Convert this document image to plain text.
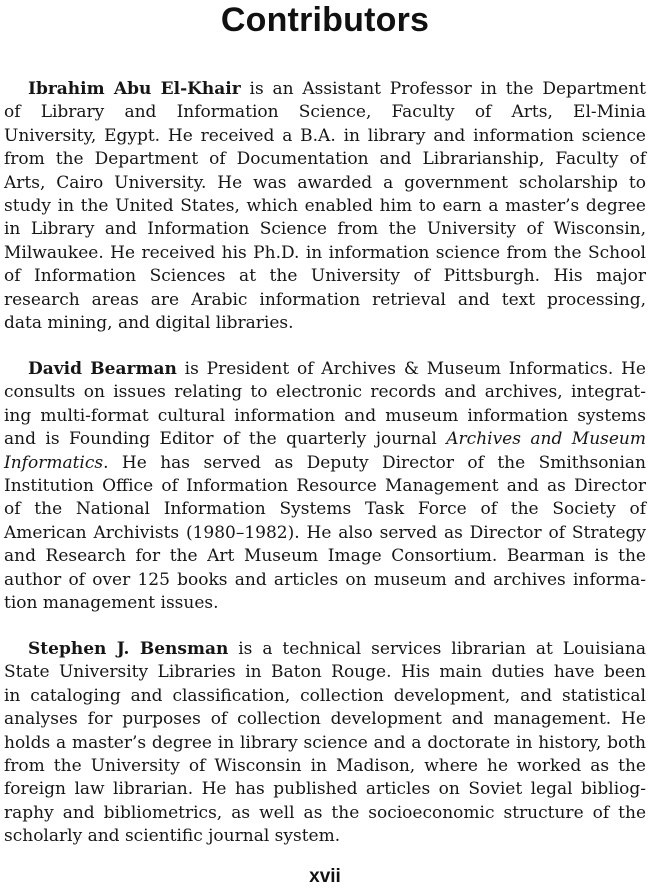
Contributors
Ibrahim Abu El-Khair is an Assistant Professor in the Department
of Library and Information Science, Faculty of Arts, El-Minia
University, Egypt. He received a B.A. in library and information science
from the Department of Documentation and Librarianship, Faculty of
Arts, Cairo University. He was awarded a government scholarship to
study in the United States, which enabled him to earn a master’s degree
in Library and Information Science from the University of Wisconsin,
Milwaukee. He received his Ph.D. in information science from the School
of Information Sciences at the University of Pittsburgh. His major
research areas are Arabic information retrieval and text processing,
data mining, and digital libraries.
David Bearman is President of Archives & Museum Informatics. He
consults on issues relating to electronic records and archives, integrat-
ing multi-format cultural information and museum information systems
and is Founding Editor of the quarterly journal Archives and Museum
Informatics. He has served as Deputy Director of the Smithsonian
Institution Office of Information Resource Management and as Director
of the National Information Systems Task Force of the Society of
American Archivists (1980–1982). He also served as Director of Strategy
and Research for the Art Museum Image Consortium. Bearman is the
author of over 125 books and articles on museum and archives informa-
tion management issues.
Stephen J. Bensman is a technical services librarian at Louisiana
State University Libraries in Baton Rouge. His main duties have been
in cataloging and classification, collection development, and statistical
analyses for purposes of collection development and management. He
holds a master’s degree in library science and a doctorate in history, both
from the University of Wisconsin in Madison, where he worked as the
foreign law librarian. He has published articles on Soviet legal bibliog-
raphy and bibliometrics, as well as the socioeconomic structure of the
scholarly and scientific journal system.
xvii
